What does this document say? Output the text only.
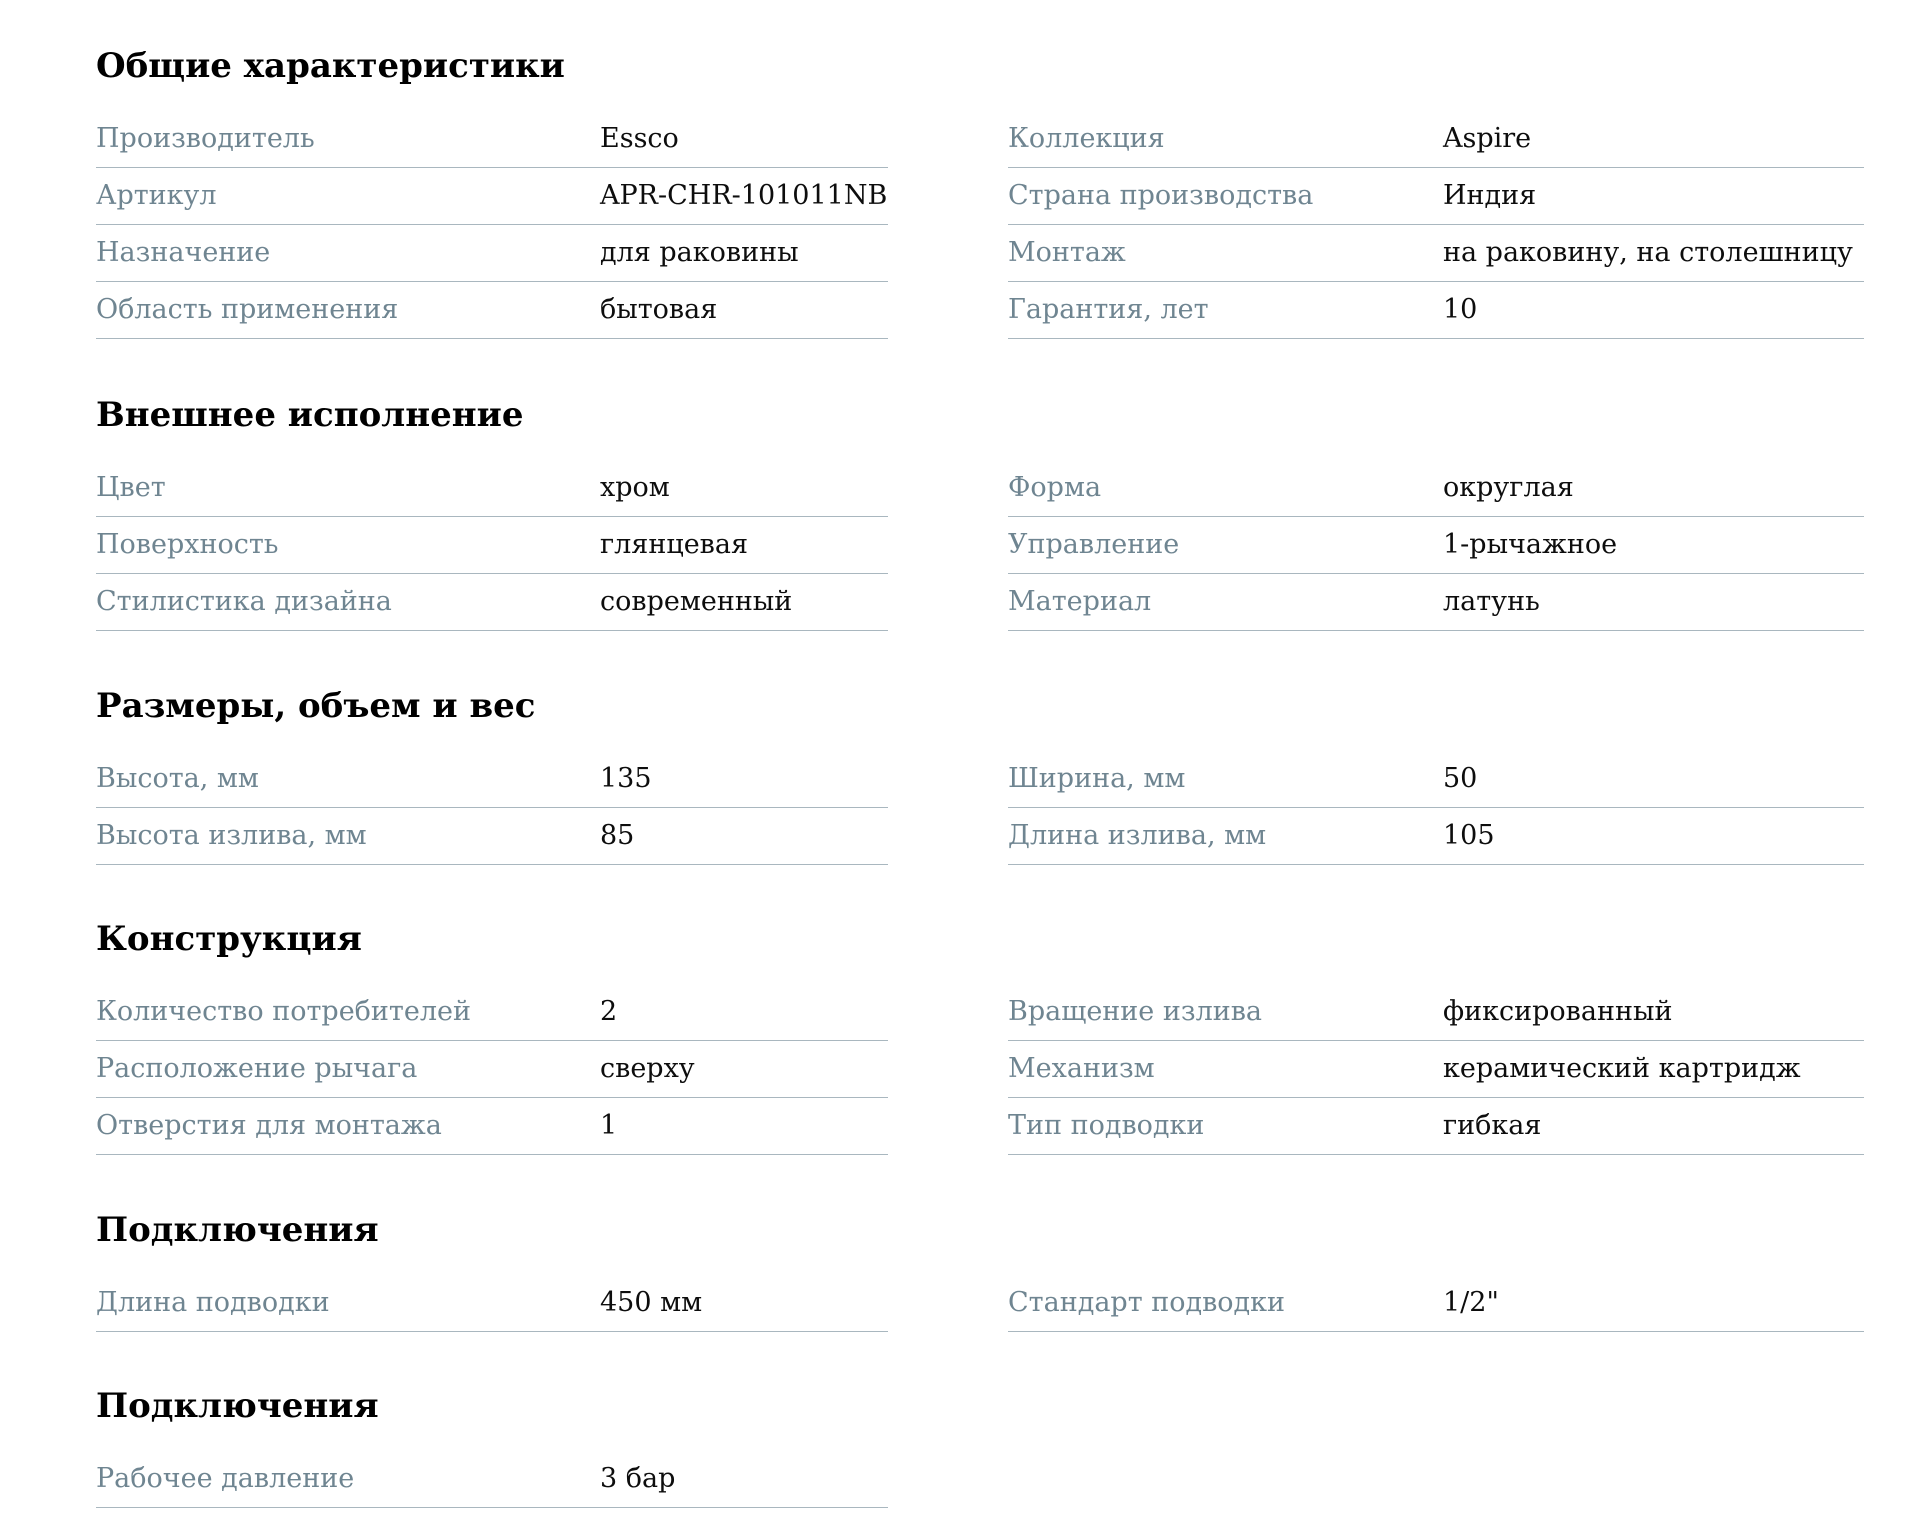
Общие характеристики
Производитель	Essco
Артикул	APR-CHR-101011NB
Назначение	для раковины
Область применения	бытовая
Коллекция	Aspire
Страна производства	Индия
Монтаж	на раковину, на столешницу
Гарантия, лет	10
Внешнее исполнение
Цвет	хром
Поверхность	глянцевая
Стилистика дизайна	современный
Форма	округлая
Управление	1-рычажное
Материал	латунь
Размеры, объем и вес
Высота, мм	135
Высота излива, мм	85
Ширина, мм	50
Длина излива, мм	105
Конструкция
Количество потребителей	2
Расположение рычага	сверху
Отверстия для монтажа	1
Вращение излива	фиксированный
Механизм	керамический картридж
Тип подводки	гибкая
Подключения
Длина подводки	450 мм	Стандарт подводки	1/2"
Подключения
Рабочее давление	3 бар
